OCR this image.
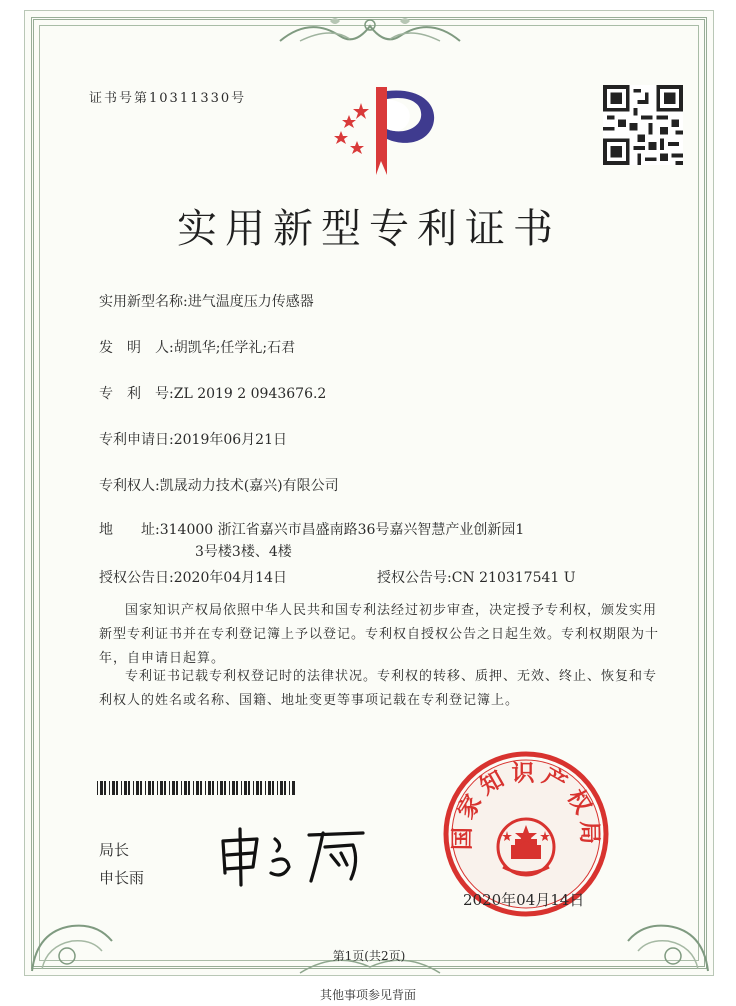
证书号第10311330号
实用新型专利证书
实用新型名称:进气温度压力传感器
发　明　人:胡凯华;任学礼;石君
专　利　号:ZL 2019 2 0943676.2
专利申请日:2019年06月21日
专利权人:凯晟动力技术(嘉兴)有限公司
地　　址:314000 浙江省嘉兴市昌盛南路36号嘉兴智慧产业创新园1
3号楼3楼、4楼
授权公告日:2020年04月14日	授权公告号:CN 210317541 U
国家知识产权局依照中华人民共和国专利法经过初步审查，决定授予专利权，颁发实用
新型专利证书并在专利登记簿上予以登记。专利权自授权公告之日起生效。专利权期限为十
年，自申请日起算。
专利证书记载专利权登记时的法律状况。专利权的转移、质押、无效、终止、恢复和专
利权人的姓名或名称、国籍、地址变更等事项记载在专利登记簿上。
局长
申长雨
国家知识产权局
2020年04月14日
第1页(共2页)
其他事项参见背面
